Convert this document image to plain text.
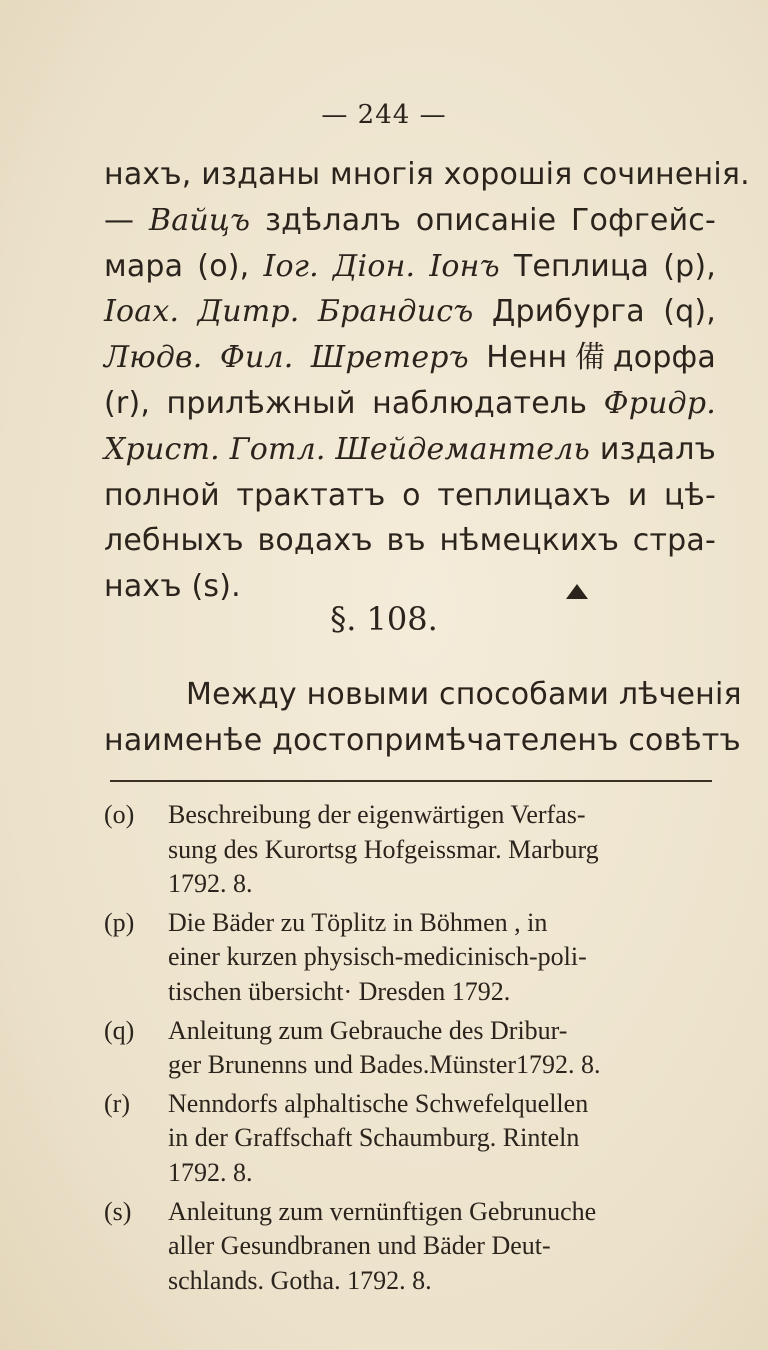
— 244 —
нахъ, изданы многія хорошія сочиненія.
— Вайцъ здѣлалъ описаніе Гофгейс-
мара (o), Іог. Діон. Іонъ Теплица (p),
Іоах. Дитр. Брандисъ Дрибурга (q),
Людв. Фил. Шретеръ Ненн備дорфа
(r), прилѣжный наблюдатель Фридр.
Христ. Готл. Шейдемантель издалъ
полной трактатъ о теплицахъ и цѣ-
лебныхъ водахъ въ нѣмецкихъ стра-
нахъ (s).
§. 108.
Между новыми способами лѣченія
наименѣе достопримѣчателенъ совѣтъ
(o)	Beschreibung der eigenwärtigen Verfas-
sung des Kurortsg Hofgeissmar. Marburg
1792. 8.
(p)	Die Bäder zu Töplitz in Böhmen , in
einer kurzen physisch-medicinisch-poli-
tischen übersicht· Dresden 1792.
(q)	Anleitung zum Gebrauche des Dribur-
ger Brunenns und Bades.Münster1792. 8.
(r)	Nenndorfs alphaltische Schwefelquellen
in der Graffschaft Schaumburg. Rinteln
1792. 8.
(s)	Anleitung zum vernünftigen Gebrunuche
aller Gesundbranen und Bäder Deut-
schlands. Gotha. 1792. 8.
